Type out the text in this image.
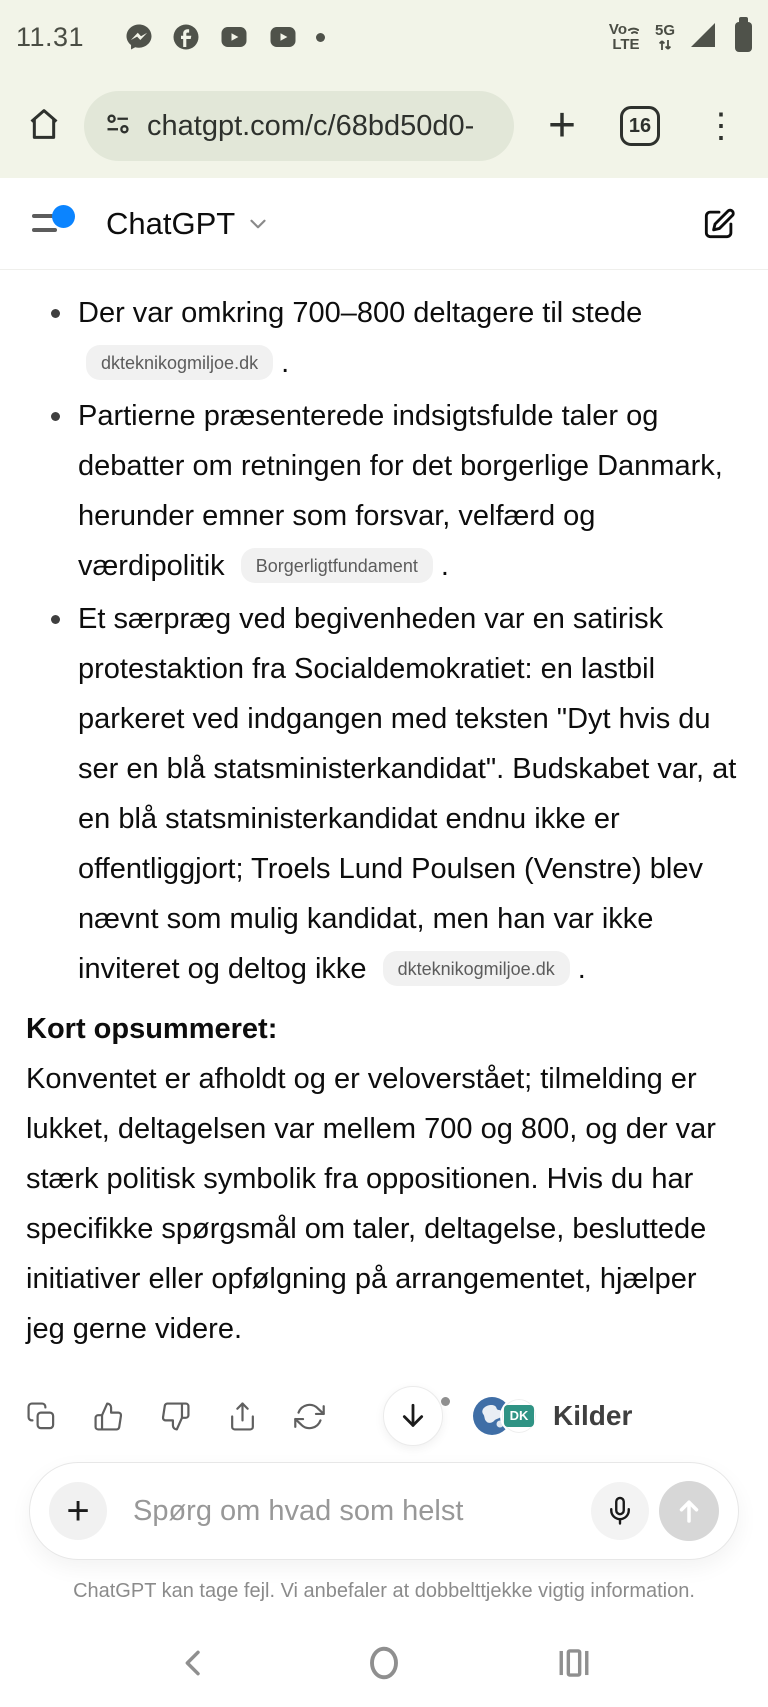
11.31	Vo
LTE
5G
chatgpt.com/c/68bd50d0- +	16 ⋮
ChatGPT
Der var omkring 700–800 deltagere til stede dkteknikogmiljoe.dk .
Partierne præsenterede indsigtsfulde taler og debatter om retningen for det borgerlige Danmark, herunder emner som forsvar, velfærd og værdipolitik Borgerligtfundament .
Et særpræg ved begivenheden var en satirisk protestaktion fra Socialdemokratiet: en lastbil parkeret ved indgangen med teksten "Dyt hvis du ser en blå statsministerkandidat". Budskabet var, at en blå statsministerkandidat endnu ikke er offentliggjort; Troels Lund Poulsen (Venstre) blev nævnt som mulig kandidat, men han var ikke inviteret og deltog ikke dkteknikogmiljoe.dk .

Kort opsummeret:

Konventet er afholdt og er veloverstået; tilmelding er lukket, deltagelsen var mellem 700 og 800, og der var stærk politisk symbolik fra oppositionen. Hvis du har specifikke spørgsmål om taler, deltagelse, besluttede initiativer eller opfølgning på arrangementet, hjælper jeg gerne videre.

DK Kilder
+
Spørg om hvad som helst
ChatGPT kan tage fejl. Vi anbefaler at dobbelttjekke vigtig information.
